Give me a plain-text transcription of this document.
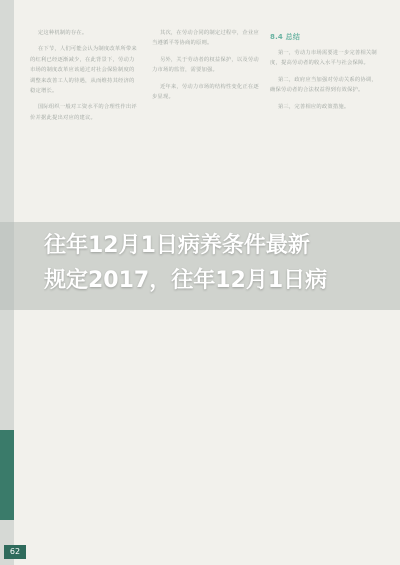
定这种机制的存在。

在下节，人们可能会认为制度改革所带来的红利已经逐渐减少，在此背景下，劳动力市场的制度改革应该通过对社会保险制度的调整来改善工人的待遇，从而维持其经济的稳定增长。

国际组织一般对工资水平的合理性作出评价并据此提出对应的建议。

其次，在劳动合同的制定过程中，企业应当遵循平等协商的原则。

另外，关于劳动者的权益保护，以及劳动力市场的监管，需要加强。

近年来，劳动力市场的结构性变化正在逐步显现。

8.4 总结

第一，劳动力市场需要进一步完善相关制度，提高劳动者的收入水平与社会保障。

第二，政府应当加强对劳动关系的协调，确保劳动者的合法权益得到有效保护。

第三，完善相应的政策措施。

往年12月1日病养条件最新
规定2017，往年12月1日病
62
